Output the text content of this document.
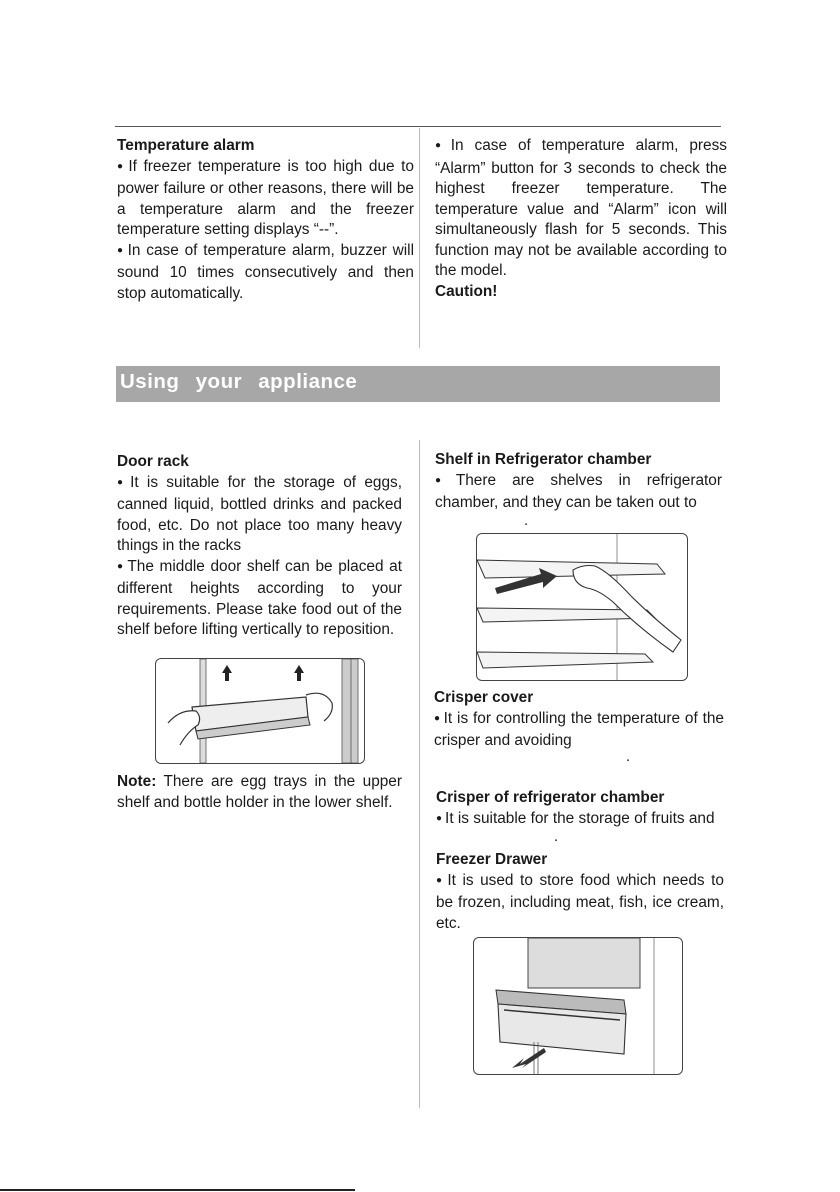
Temperature alarm

● If freezer temperature is too high due to power failure or other reasons, there will be a temperature alarm and the freezer temperature setting displays “--”.

● In case of temperature alarm, buzzer will sound 10 times consecutively and then stop automatically.

● In case of temperature alarm, press “Alarm” button for 3 seconds to check the highest freezer temperature. The temperature value and “Alarm” icon will simultaneously flash for 5 seconds. This function may not be available according to the model.

Caution!

Using your appliance

Door rack

● It is suitable for the storage of eggs, canned liquid, bottled drinks and packed food, etc. Do not place too many heavy things in the racks

● The middle door shelf can be placed at different heights according to your requirements. Please take food out of the shelf before lifting vertically to reposition.

Note: There are egg trays in the upper shelf and bottle holder in the lower shelf.

Shelf in Refrigerator chamber

● There are shelves in refrigerator chamber, and they can be taken out to

.

Crisper cover

● It is for controlling the temperature of the crisper and avoiding

.

Crisper of refrigerator chamber

● It is suitable for the storage of fruits and

.

Freezer Drawer

● It is used to store food which needs to be frozen, including meat, fish, ice cream, etc.
